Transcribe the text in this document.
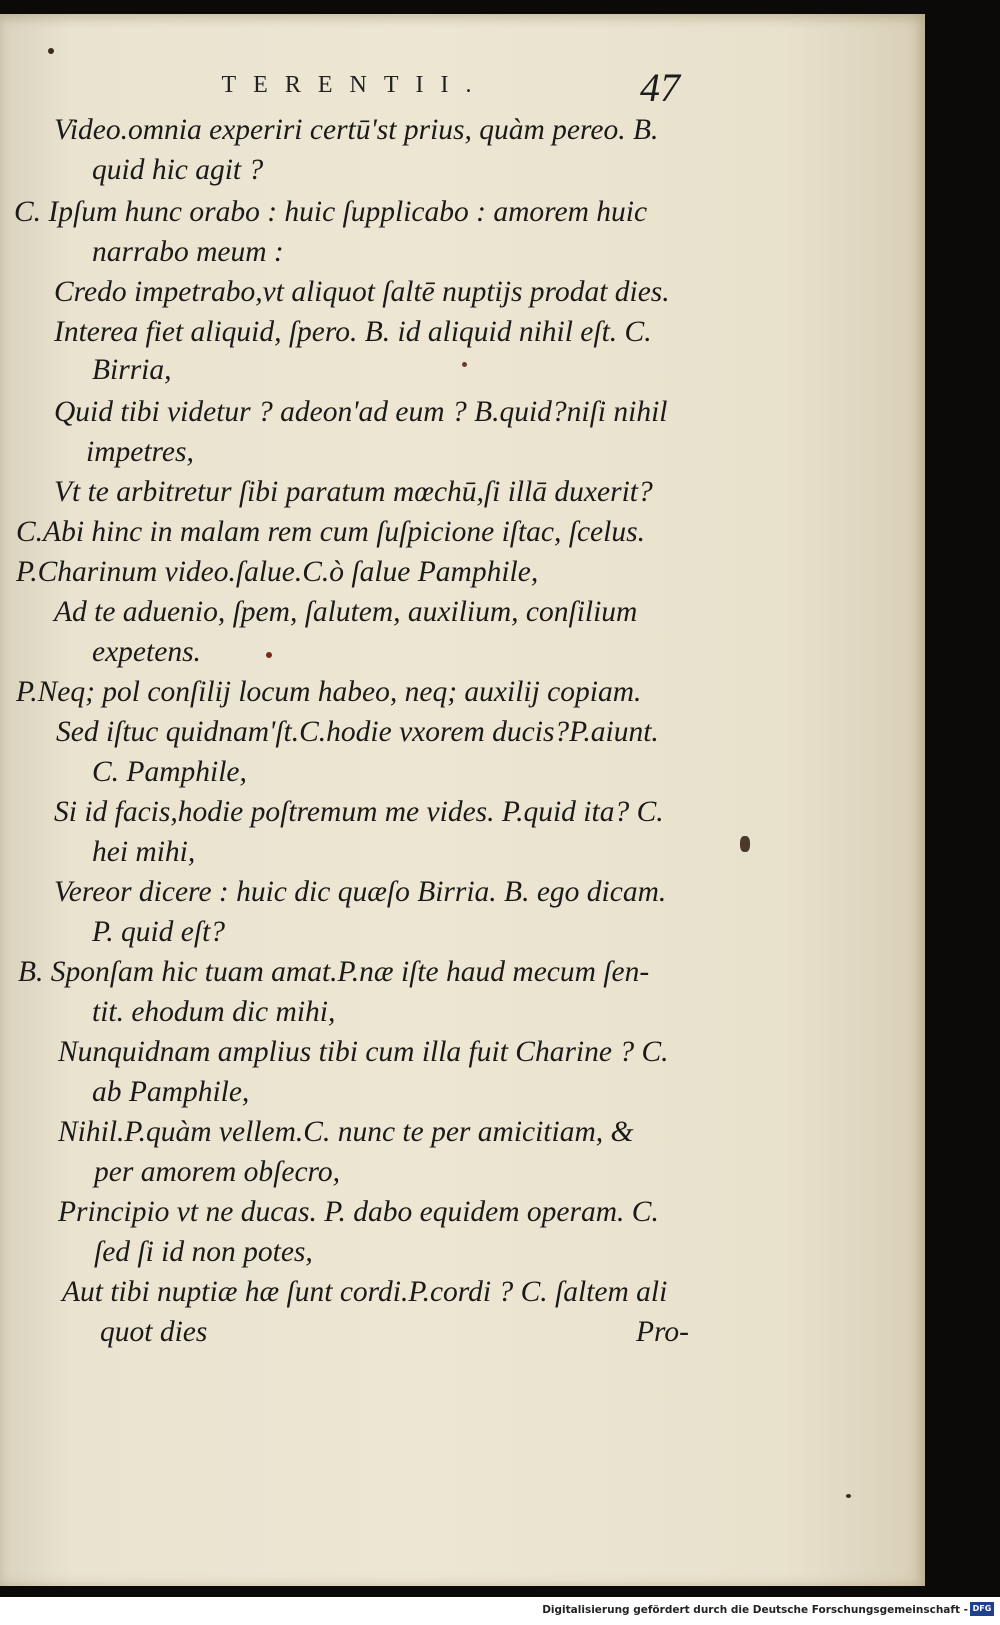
TERENTII.	47
Video.omnia experiri certū'st prius, quàm pereo. B.
quid hic agit ?
C. Ipſum hunc orabo : huic ſupplicabo : amorem huic
narrabo meum :
Credo impetrabo,vt aliquot ſaltē nuptijs prodat dies.
Interea fiet aliquid, ſpero. B. id aliquid nihil eſt. C.
Birria,
Quid tibi videtur ? adeon'ad eum ? B.quid?niſi nihil
impetres,
Vt te arbitretur ſibi paratum mœchū,ſi illā duxerit?
C.Abi hinc in malam rem cum ſuſpicione iſtac, ſcelus.
P.Charinum video.ſalue.C.ò ſalue Pamphile,
Ad te aduenio, ſpem, ſalutem, auxilium, conſilium
expetens.
P.Neq; pol conſilij locum habeo, neq; auxilij copiam.
Sed iſtuc quidnam'ſt.C.hodie vxorem ducis?P.aiunt.
C. Pamphile,
Si id facis,hodie poſtremum me vides. P.quid ita? C.
hei mihi,
Vereor dicere : huic dic quæſo Birria. B. ego dicam.
P. quid eſt?
B. Sponſam hic tuam amat.P.næ iſte haud mecum ſen-
tit. ehodum dic mihi,
Nunquidnam amplius tibi cum illa fuit Charine ? C.
ab Pamphile,
Nihil.P.quàm vellem.C. nunc te per amicitiam, &
per amorem obſecro,
Principio vt ne ducas. P. dabo equidem operam. C.
ſed ſi id non potes,
Aut tibi nuptiæ hæ ſunt cordi.P.cordi ? C. ſaltem ali
quot dies	Pro-
Digitalisierung gefördert durch die Deutsche Forschungsgemeinschaft - DFG
